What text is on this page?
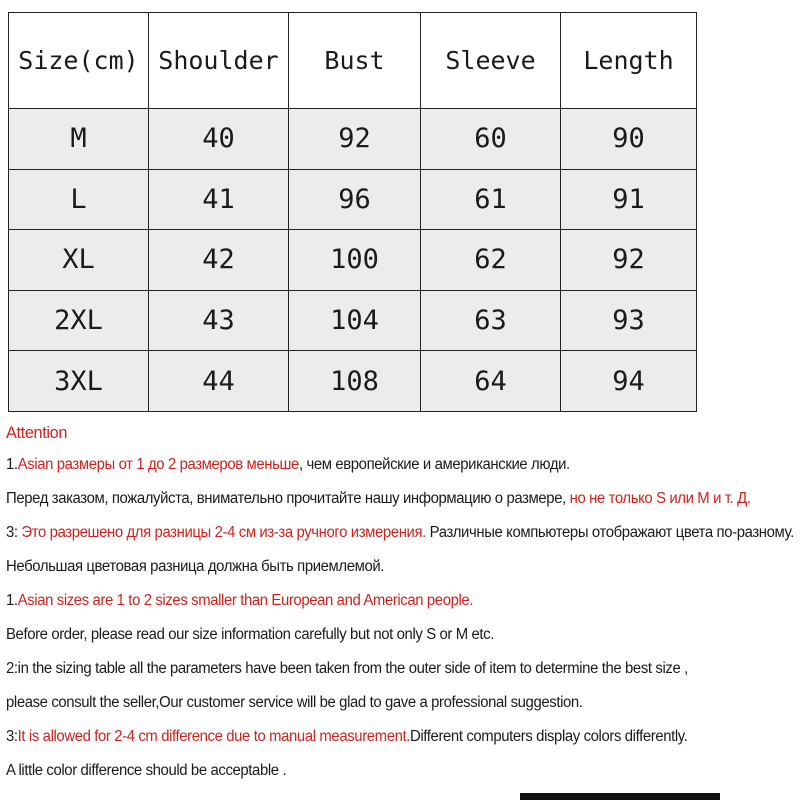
Size(cm)	Shoulder	Bust	Sleeve	Length
M	40	92	60	90
L	41	96	61	91
XL	42	100	62	92
2XL	43	104	63	93
3XL	44	108	64	94
Attention
1.Asian размеры от 1 до 2 размеров меньше, чем европейские и американские люди.
Перед заказом, пожалуйста, внимательно прочитайте нашу информацию о размере, но не только S или M и т. Д.
3: Это разрешено для разницы 2-4 см из-за ручного измерения. Различные компьютеры отображают цвета по-разному.
Небольшая цветовая разница должна быть приемлемой.
1.Asian sizes are 1 to 2 sizes smaller than European and American people.
Before order, please read our size information carefully but not only S or M etc.
2:in the sizing table all the parameters have been taken from the outer side of item to determine the best size ,
please consult the seller,Our customer service will be glad to gave a professional suggestion.
3:It is allowed for 2-4 cm difference due to manual measurement.Different computers display colors differently.
A little color difference should be acceptable .
